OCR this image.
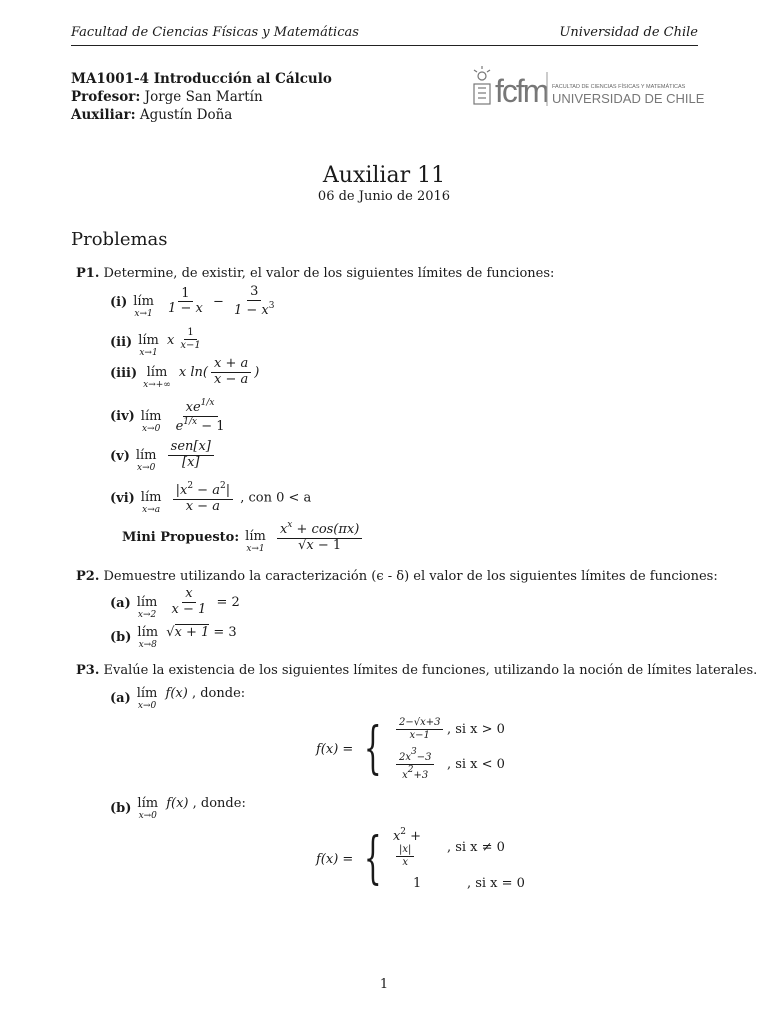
Facultad de Ciencias Físicas y Matemáticas	Universidad de Chile
MA1001-4 Introducción al Cálculo
Profesor: Jorge San Martín
Auxiliar: Agustín Doña
fcfm FACULTAD DE CIENCIAS FÍSICAS Y MATEMÁTICAS
UNIVERSIDAD DE CHILE
Auxiliar 11
06 de Junio de 2016
Problemas
P1. Determine, de existir, el valor de los siguientes límites de funciones:
(i) lím
x→1
$\frac{1}{1 - x} - \frac{3}{1 - x^3}$
(ii) lím
x→1
x $\frac{1}{x-1}$
(iii) lím
x→+∞
x $\ln( \frac{x + a}{x - a}$ )
(iv) lím
x→0
$\frac{xe^{1/x}}{e^{1/x} - 1}$
(v) lím
x→0
$\frac{\text{sen[x]}}{[x]}$
(vi) lím
x→a
$\frac{|x^2 - a^2|}{x - a}$ , con 0 < a
Mini Propuesto: lím
x→1
$\frac{x^x + \cos(\pi x)}{√x - 1}$
P2. Demuestre utilizando la caracterización (ϵ - δ) el valor de los siguientes límites de funciones:
(a) lím
x→2
$\frac{x}{x - 1} = 2$
(b) lím
x→8
√x + 1 = 3
P3. Evalúe la existencia de los siguientes límites de funciones, utilizando la noción de límites laterales.
(a) lím
x→0
f(x) , donde:
f(x) = { $\frac{2-√x+3}{x-1}$ , si x > 0
$\frac{2x3-3}{x2+3}$ , si x < 0
(b) lím
x→0
f(x) , donde:
f(x) = { $x^2$ +
$\frac{|x|}{x}$	, si x ≠ 0
1	, si x = 0
1
